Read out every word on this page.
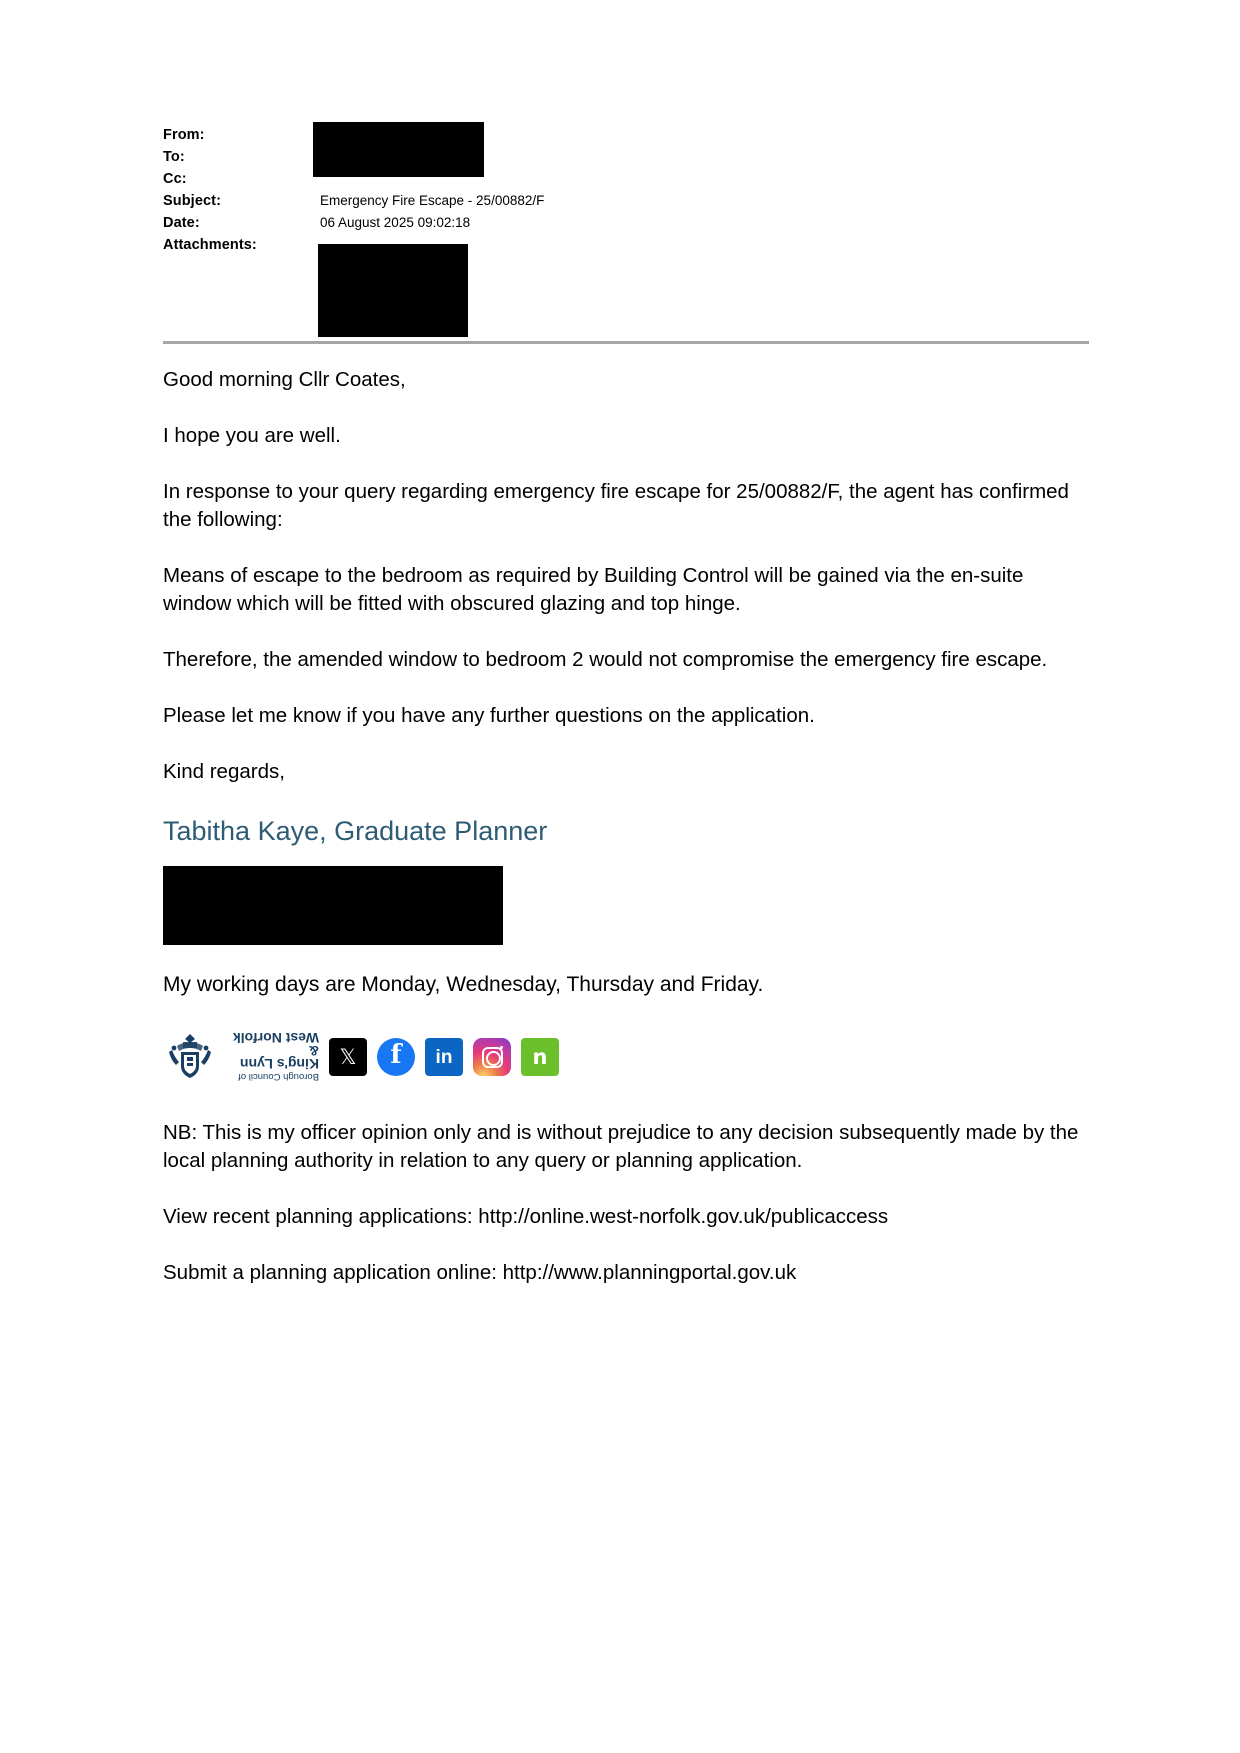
From:
To:
Cc:
Subject:	Emergency Fire Escape - 25/00882/F
Date:	06 August 2025 09:02:18
Attachments:

Good morning Cllr Coates,

I hope you are well.

In response to your query regarding emergency fire escape for 25/00882/F, the agent has confirmed the following:

Means of escape to the bedroom as required by Building Control will be gained via the en-suite window which will be fitted with obscured glazing and top hinge.

Therefore, the amended window to bedroom 2 would not compromise the emergency fire escape.

Please let me know if you have any further questions on the application.

Kind regards,

Tabitha Kaye, Graduate Planner

My working days are Monday, Wednesday, Thursday and Friday.

Borough Council of
King's Lynn &
West Norfolk
𝕏 f in	n

NB: This is my officer opinion only and is without prejudice to any decision subsequently made by the local planning authority in relation to any query or planning application.

View recent planning applications: http://online.west-norfolk.gov.uk/publicaccess

Submit a planning application online: http://www.planningportal.gov.uk
